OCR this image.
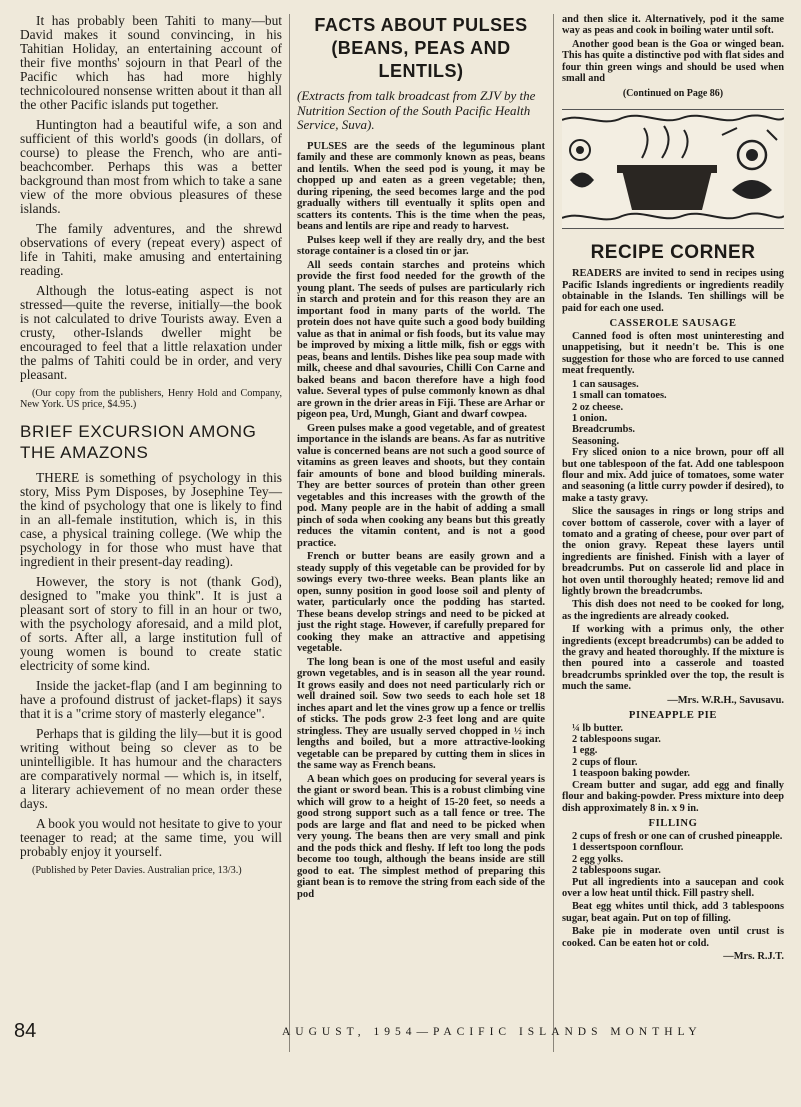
It has probably been Tahiti to many—but David makes it sound convincing, in his Tahitian Holiday, an entertaining account of their five months' sojourn in that Pearl of the Pacific which has had more highly technicoloured nonsense written about it than all the other Pacific islands put together.

Huntington had a beautiful wife, a son and sufficient of this world's goods (in dollars, of course) to please the French, who are anti-beachcomber. Perhaps this was a better background than most from which to take a sane view of the more obvious pleasures of these islands.

The family adventures, and the shrewd observations of every (repeat every) aspect of life in Tahiti, make amusing and entertaining reading.

Although the lotus-eating aspect is not stressed—quite the reverse, initially—the book is not calculated to drive Tourists away. Even a crusty, other-Islands dweller might be encouraged to feel that a little relaxation under the palms of Tahiti could be in order, and very pleasant.

(Our copy from the publishers, Henry Hold and Company, New York. US price, $4.95.)

BRIEF EXCURSION AMONG THE AMAZONS

THERE is something of psychology in this story, Miss Pym Disposes, by Josephine Tey—the kind of psychology that one is likely to find in an all-female institution, which is, in this case, a physical training college. (We whip the psychology in for those who must have that ingredient in their present-day reading).

However, the story is not (thank God), designed to "make you think". It is just a pleasant sort of story to fill in an hour or two, with the psychology aforesaid, and a mild plot, of sorts. After all, a large institution full of young women is bound to create static electricity of some kind.

Inside the jacket-flap (and I am beginning to have a profound distrust of jacket-flaps) it says that it is a "crime story of masterly elegance".

Perhaps that is gilding the lily—but it is good writing without being so clever as to be unintelligible. It has humour and the characters are comparatively normal — which is, in itself, a literary achievement of no mean order these days.

A book you would not hesitate to give to your teenager to read; at the same time, you will probably enjoy it yourself.

(Published by Peter Davies. Australian price, 13/3.)

FACTS ABOUT PULSES (BEANS, PEAS AND LENTILS)

(Extracts from talk broadcast from ZJV by the Nutrition Section of the South Pacific Health Service, Suva).

PULSES are the seeds of the leguminous plant family and these are commonly known as peas, beans and lentils. When the seed pod is young, it may be chopped up and eaten as a green vegetable; then, during ripening, the seed becomes large and the pod gradually withers till eventually it splits open and scatters its contents. This is the time when the peas, beans and lentils are ripe and ready to harvest.

Pulses keep well if they are really dry, and the best storage container is a closed tin or jar.

All seeds contain starches and proteins which provide the first food needed for the growth of the young plant. The seeds of pulses are particularly rich in starch and protein and for this reason they are an important food in many parts of the world. The protein does not have quite such a good body building value as that in animal or fish foods, but its value may be improved by mixing a little milk, fish or eggs with peas, beans and lentils. Dishes like pea soup made with milk, cheese and dhal savouries, Chilli Con Carne and baked beans and bacon therefore have a high food value. Several types of pulse commonly known as dhal are grown in the drier areas in Fiji. These are Arhar or pigeon pea, Urd, Mungh, Giant and dwarf cowpea.

Green pulses make a good vegetable, and of greatest importance in the islands are beans. As far as nutritive value is concerned beans are not such a good source of vitamins as green leaves and shoots, but they contain fair amounts of bone and blood building minerals. They are better sources of protein than other green vegetables and this increases with the growth of the pod. Many people are in the habit of adding a small pinch of soda when cooking any beans but this greatly reduces the vitamin content, and is not a good practice.

French or butter beans are easily grown and a steady supply of this vegetable can be provided for by sowings every two-three weeks. Bean plants like an open, sunny position in good loose soil and plenty of water, particularly once the podding has started. These beans develop strings and need to be picked at just the right stage. However, if carefully prepared for cooking they make an attractive and appetising vegetable.

The long bean is one of the most useful and easily grown vegetables, and is in season all the year round. It grows easily and does not need particularly rich or well drained soil. Sow two seeds to each hole set 18 inches apart and let the vines grow up a fence or trellis of sticks. The pods grow 2-3 feet long and are quite stringless. They are usually served chopped in ½ inch lengths and boiled, but a more attractive-looking vegetable can be prepared by cutting them in slices in the same way as French beans.

A bean which goes on producing for several years is the giant or sword bean. This is a robust climbing vine which will grow to a height of 15-20 feet, so needs a good strong support such as a tall fence or tree. The pods are large and flat and need to be picked when very young. The beans then are very small and pink and the pods thick and fleshy. If left too long the pods become too tough, although the beans inside are still good to eat. The simplest method of preparing this giant bean is to remove the string from each side of the pod

and then slice it. Alternatively, pod it the same way as peas and cook in boiling water until soft.

Another good bean is the Goa or winged bean. This has quite a distinctive pod with flat sides and four thin green wings and should be used when small and

(Continued on Page 86)
RECIPE CORNER

READERS are invited to send in recipes using Pacific Islands ingredients or ingredients readily obtainable in the Islands. Ten shillings will be paid for each one used.

CASSEROLE SAUSAGE

Canned food is often most uninteresting and unappetising, but it needn't be. This is one suggestion for those who are forced to use canned meat frequently.

1 can sausages.
1 small can tomatoes.
2 oz cheese.
1 onion.
Breadcrumbs.
Seasoning.

Fry sliced onion to a nice brown, pour off all but one tablespoon of the fat. Add one tablespoon flour and mix. Add juice of tomatoes, some water and seasoning (a little curry powder if desired), to make a tasty gravy.

Slice the sausages in rings or long strips and cover bottom of casserole, cover with a layer of tomato and a grating of cheese, pour over part of the onion gravy. Repeat these layers until ingredients are finished. Finish with a layer of breadcrumbs. Put on casserole lid and place in hot oven until thoroughly heated; remove lid and lightly brown the breadcrumbs.

This dish does not need to be cooked for long, as the ingredients are already cooked.

If working with a primus only, the other ingredients (except breadcrumbs) can be added to the gravy and heated thoroughly. If the mixture is then poured into a casserole and toasted breadcrumbs sprinkled over the top, the result is much the same.

—Mrs. W.R.H., Savusavu.
PINEAPPLE PIE
¼ lb butter.
2 tablespoons sugar.
1 egg.
2 cups of flour.
1 teaspoon baking powder.

Cream butter and sugar, add egg and finally flour and baking-powder. Press mixture into deep dish approximately 8 in. x 9 in.

FILLING
2 cups of fresh or one can of crushed pineapple.
1 dessertspoon cornflour.
2 egg yolks.
2 tablespoons sugar.

Put all ingredients into a saucepan and cook over a low heat until thick. Fill pastry shell.

Beat egg whites until thick, add 3 tablespoons sugar, beat again. Put on top of filling.

Bake pie in moderate oven until crust is cooked. Can be eaten hot or cold.

—Mrs. R.J.T.
84	AUGUST, 1954—PACIFIC ISLANDS MONTHLY
